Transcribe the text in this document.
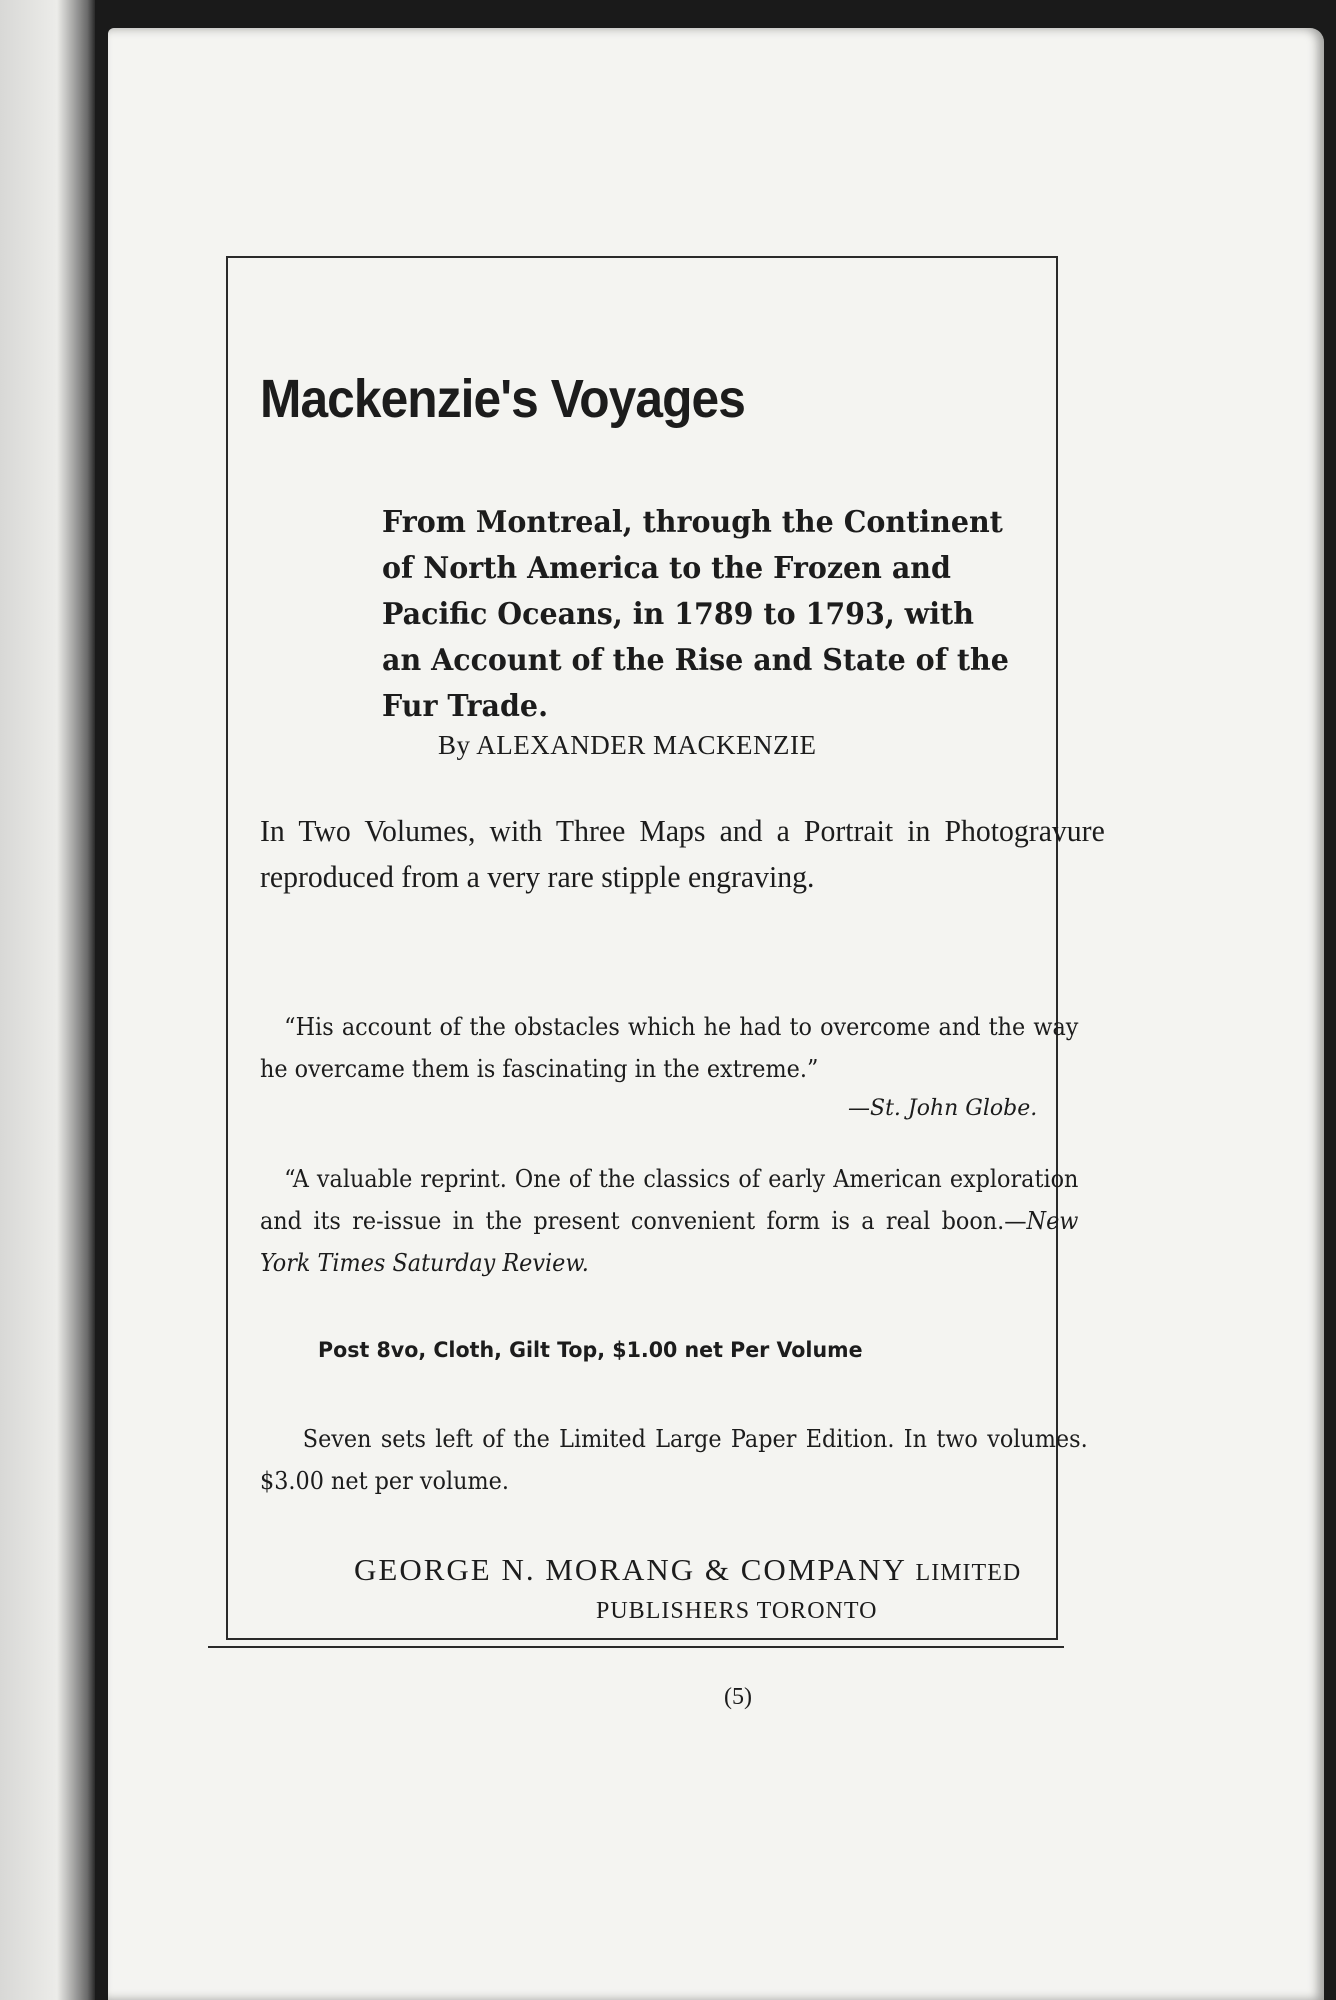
Mackenzie's Voyages

From Montreal, through the Continent of North America to the Frozen and Pacific Oceans, in 1789 to 1793, with an Account of the Rise and State of the Fur Trade.

By ALEXANDER MACKENZIE

In Two Volumes, with Three Maps and a Portrait in Photogravure reproduced from a very rare stipple engraving.

“His account of the obstacles which he had to overcome and the way he overcame them is fascinating in the extreme.”

—St. John Globe.

“A valuable reprint. One of the classics of early American exploration and its re-issue in the present convenient form is a real boon.—New York Times Saturday Review.

Post 8vo, Cloth, Gilt Top, $1.00 net Per Volume

Seven sets left of the Limited Large Paper Edition. In two volumes. $3.00 net per volume.

GEORGE N. MORANG & COMPANY LIMITED

PUBLISHERS TORONTO

(5)
